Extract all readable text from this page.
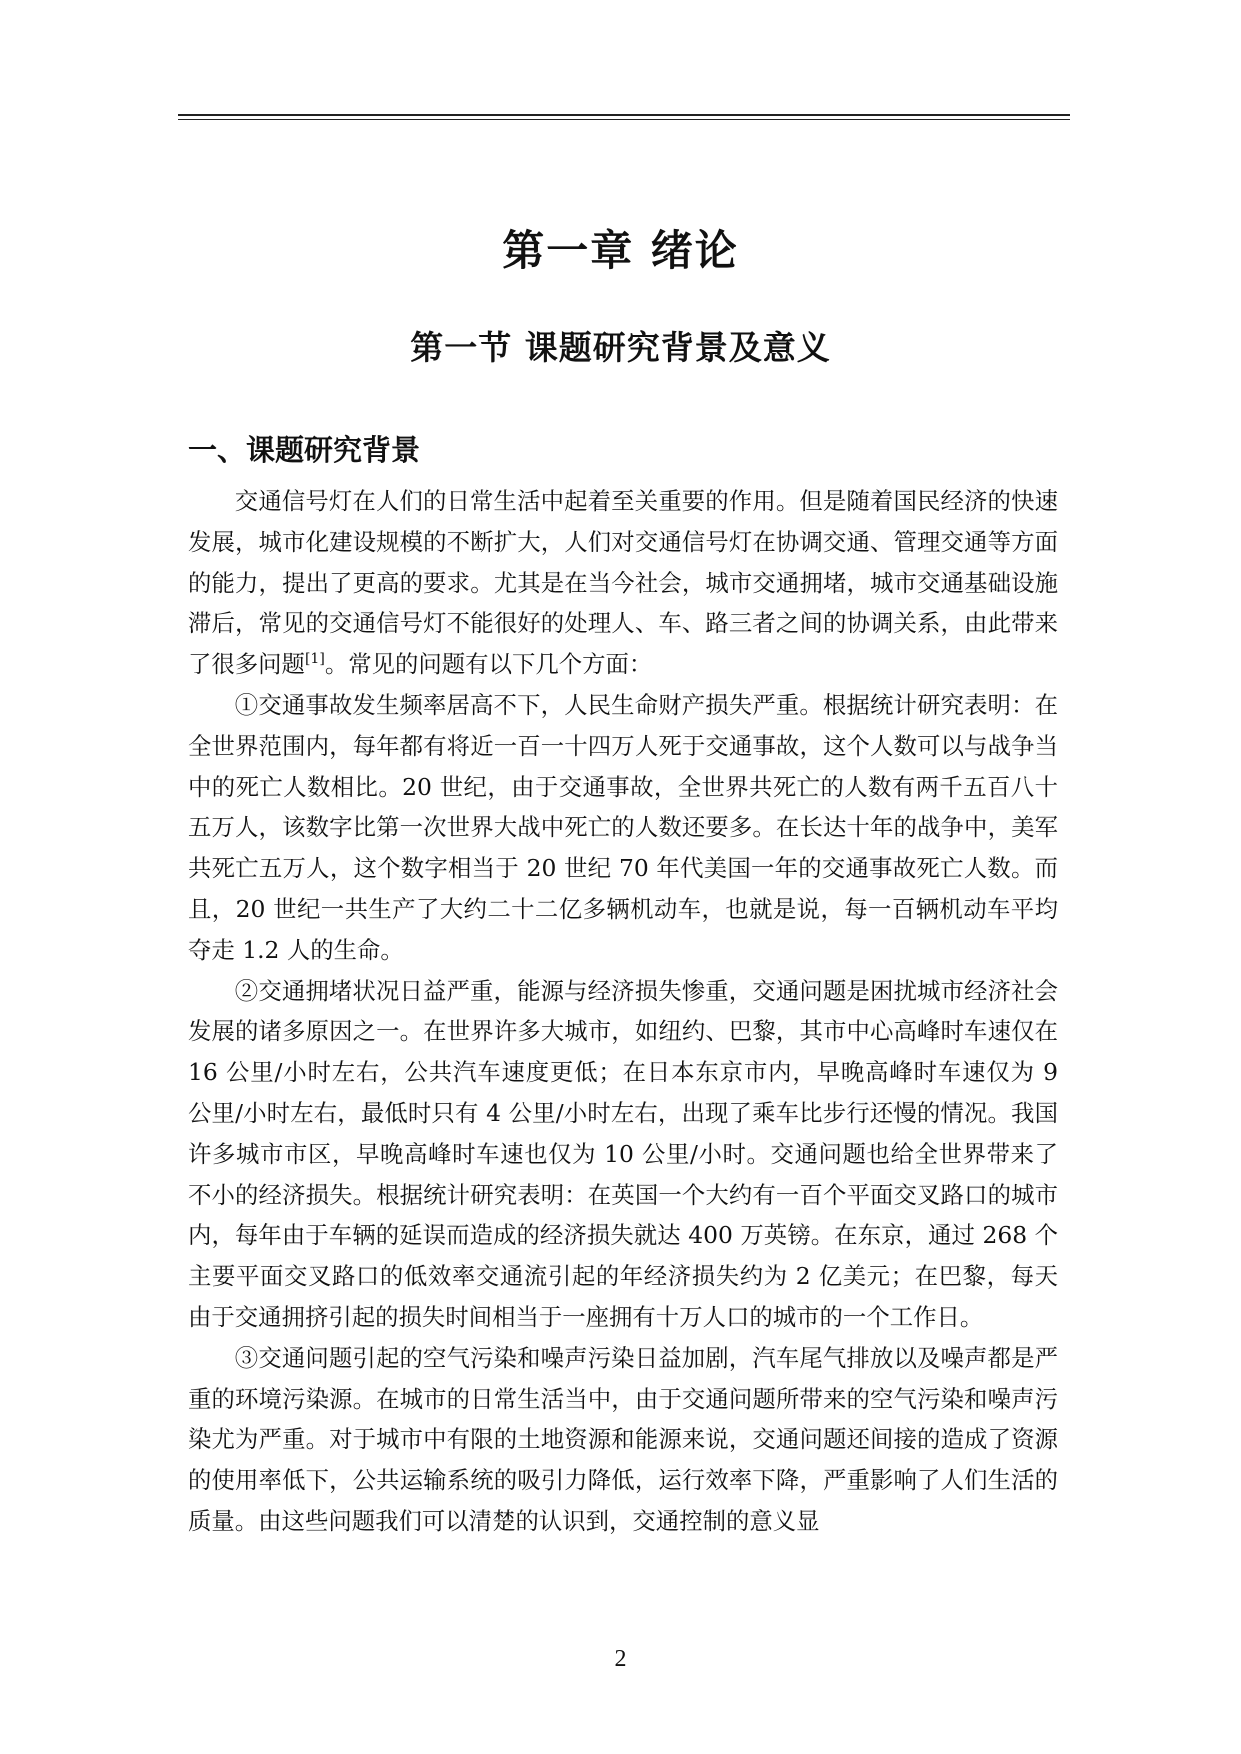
第一章 绪论
第一节 课题研究背景及意义
一、课题研究背景

交通信号灯在人们的日常生活中起着至关重要的作用。但是随着国民经济的快速发展，城市化建设规模的不断扩大，人们对交通信号灯在协调交通、管理交通等方面的能力，提出了更高的要求。尤其是在当今社会，城市交通拥堵，城市交通基础设施滞后，常见的交通信号灯不能很好的处理人、车、路三者之间的协调关系，由此带来了很多问题[1]。常见的问题有以下几个方面：

①交通事故发生频率居高不下，人民生命财产损失严重。根据统计研究表明：在全世界范围内，每年都有将近一百一十四万人死于交通事故，这个人数可以与战争当中的死亡人数相比。20 世纪，由于交通事故，全世界共死亡的人数有两千五百八十五万人，该数字比第一次世界大战中死亡的人数还要多。在长达十年的战争中，美军共死亡五万人，这个数字相当于 20 世纪 70 年代美国一年的交通事故死亡人数。而且，20 世纪一共生产了大约二十二亿多辆机动车，也就是说，每一百辆机动车平均夺走 1.2 人的生命。

②交通拥堵状况日益严重，能源与经济损失惨重，交通问题是困扰城市经济社会发展的诸多原因之一。在世界许多大城市，如纽约、巴黎，其市中心高峰时车速仅在 16 公里/小时左右，公共汽车速度更低；在日本东京市内，早晚高峰时车速仅为 9 公里/小时左右，最低时只有 4 公里/小时左右，出现了乘车比步行还慢的情况。我国许多城市市区，早晚高峰时车速也仅为 10 公里/小时。交通问题也给全世界带来了不小的经济损失。根据统计研究表明：在英国一个大约有一百个平面交叉路口的城市内，每年由于车辆的延误而造成的经济损失就达 400 万英镑。在东京，通过 268 个主要平面交叉路口的低效率交通流引起的年经济损失约为 2 亿美元；在巴黎，每天由于交通拥挤引起的损失时间相当于一座拥有十万人口的城市的一个工作日。

③交通问题引起的空气污染和噪声污染日益加剧，汽车尾气排放以及噪声都是严重的环境污染源。在城市的日常生活当中，由于交通问题所带来的空气污染和噪声污染尤为严重。对于城市中有限的土地资源和能源来说，交通问题还间接的造成了资源的使用率低下，公共运输系统的吸引力降低，运行效率下降，严重影响了人们生活的质量。由这些问题我们可以清楚的认识到，交通控制的意义显

2
